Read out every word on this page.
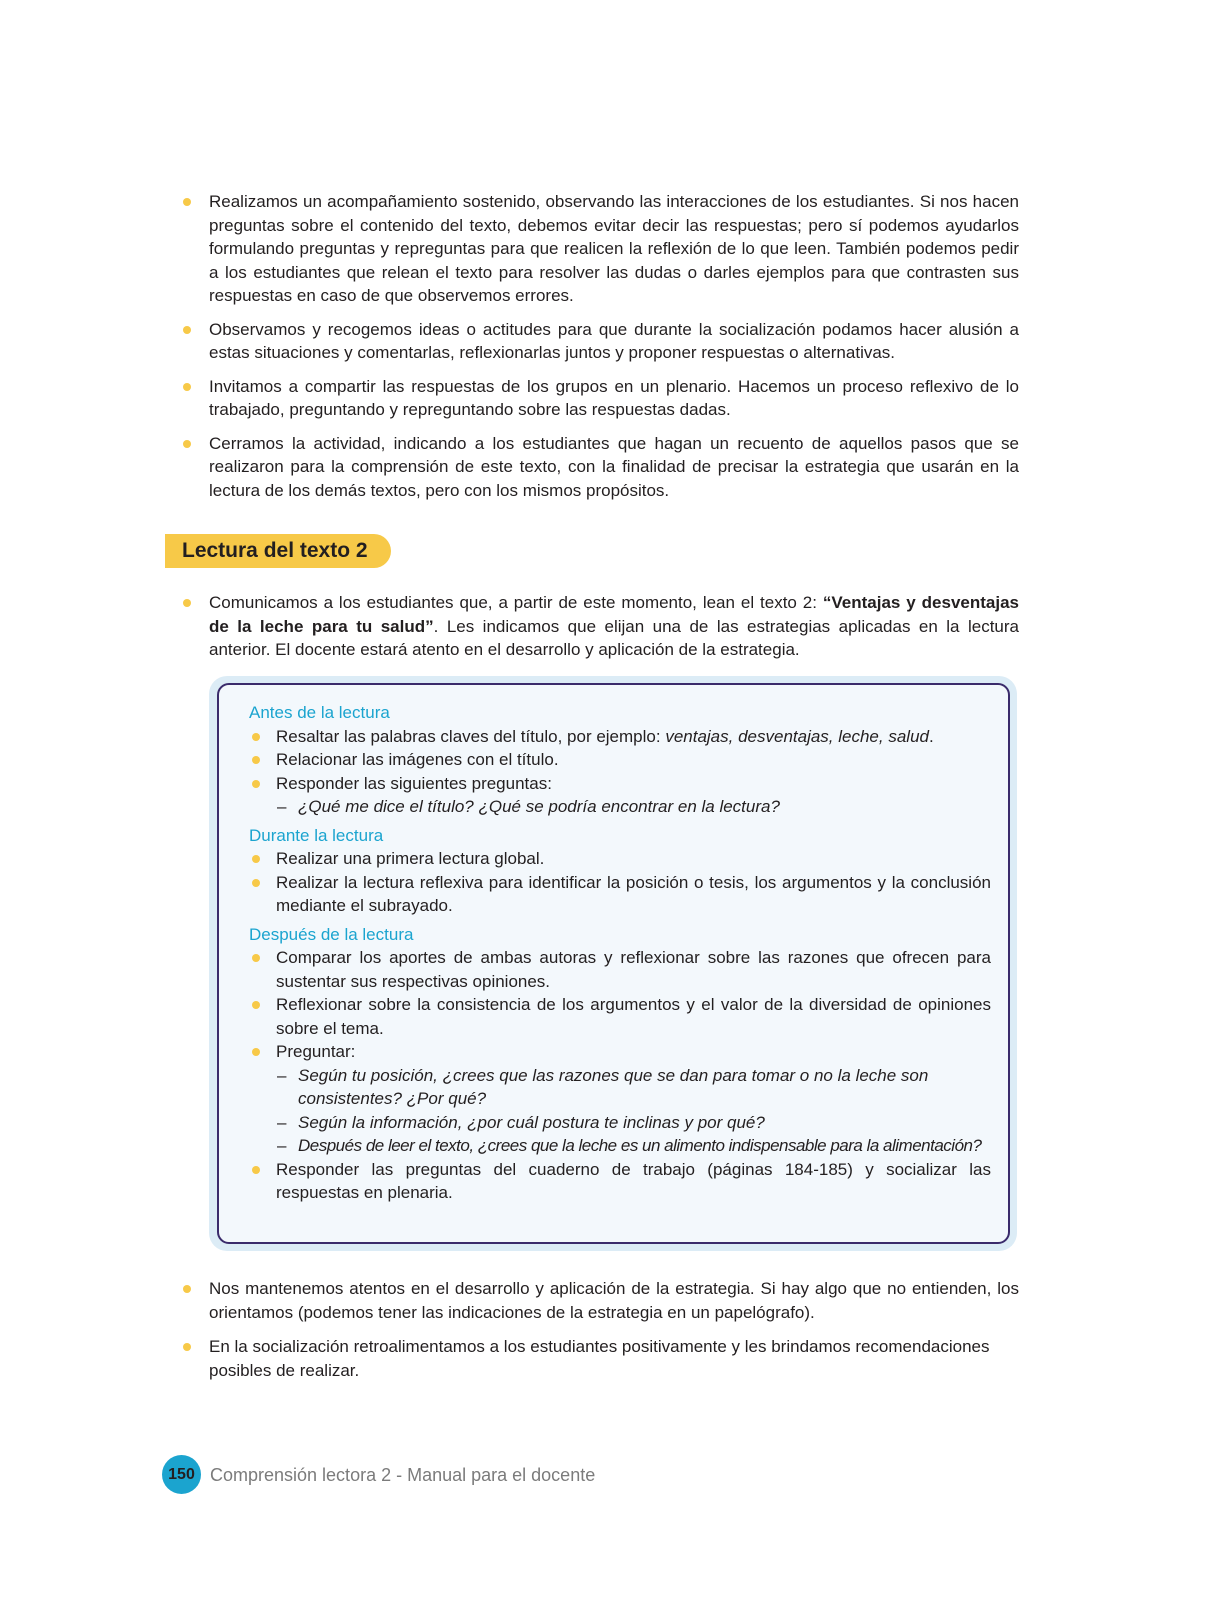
Realizamos un acompañamiento sostenido, observando las interacciones de los estudiantes. Si nos hacen preguntas sobre el contenido del texto, debemos evitar decir las respuestas; pero sí podemos ayudarlos formulando preguntas y repreguntas para que realicen la reflexión de lo que leen. También podemos pedir a los estudiantes que relean el texto para resolver las dudas o darles ejemplos para que contrasten sus respuestas en caso de que observemos errores.
Observamos y recogemos ideas o actitudes para que durante la socialización podamos hacer alusión a estas situaciones y comentarlas, reflexionarlas juntos y proponer respuestas o alternativas.
Invitamos a compartir las respuestas de los grupos en un plenario. Hacemos un proceso reflexivo de lo trabajado, preguntando y repreguntando sobre las respuestas dadas.
Cerramos la actividad, indicando a los estudiantes que hagan un recuento de aquellos pasos que se realizaron para la comprensión de este texto, con la finalidad de precisar la estrategia que usarán en la lectura de los demás textos, pero con los mismos propósitos.
Lectura del texto 2
Comunicamos a los estudiantes que, a partir de este momento, lean el texto 2: “Ventajas y desventajas de la leche para tu salud”. Les indicamos que elijan una de las estrategias aplicadas en la lectura anterior. El docente estará atento en el desarrollo y aplicación de la estrategia.
Antes de la lectura
Resaltar las palabras claves del título, por ejemplo: ventajas, desventajas, leche, salud.
Relacionar las imágenes con el título.
Responder las siguientes preguntas:
– ¿Qué me dice el título? ¿Qué se podría encontrar en la lectura?
Durante la lectura
Realizar una primera lectura global.
Realizar la lectura reflexiva para identificar la posición o tesis, los argumentos y la conclusión mediante el subrayado.
Después de la lectura
Comparar los aportes de ambas autoras y reflexionar sobre las razones que ofrecen para sustentar sus respectivas opiniones.
Reflexionar sobre la consistencia de los argumentos y el valor de la diversidad de opiniones sobre el tema.
Preguntar:
– Según tu posición, ¿crees que las razones que se dan para tomar o no la leche son consistentes? ¿Por qué?
– Según la información, ¿por cuál postura te inclinas y por qué?
– Después de leer el texto, ¿crees que la leche es un alimento indispensable para la alimentación?
Responder las preguntas del cuaderno de trabajo (páginas 184-185) y socializar las respuestas en plenaria.
Nos mantenemos atentos en el desarrollo y aplicación de la estrategia. Si hay algo que no entienden, los orientamos (podemos tener las indicaciones de la estrategia en un papelógrafo).
En la socialización retroalimentamos a los estudiantes positivamente y les brindamos recomendaciones posibles de realizar.
150 Comprensión lectora 2 - Manual para el docente
